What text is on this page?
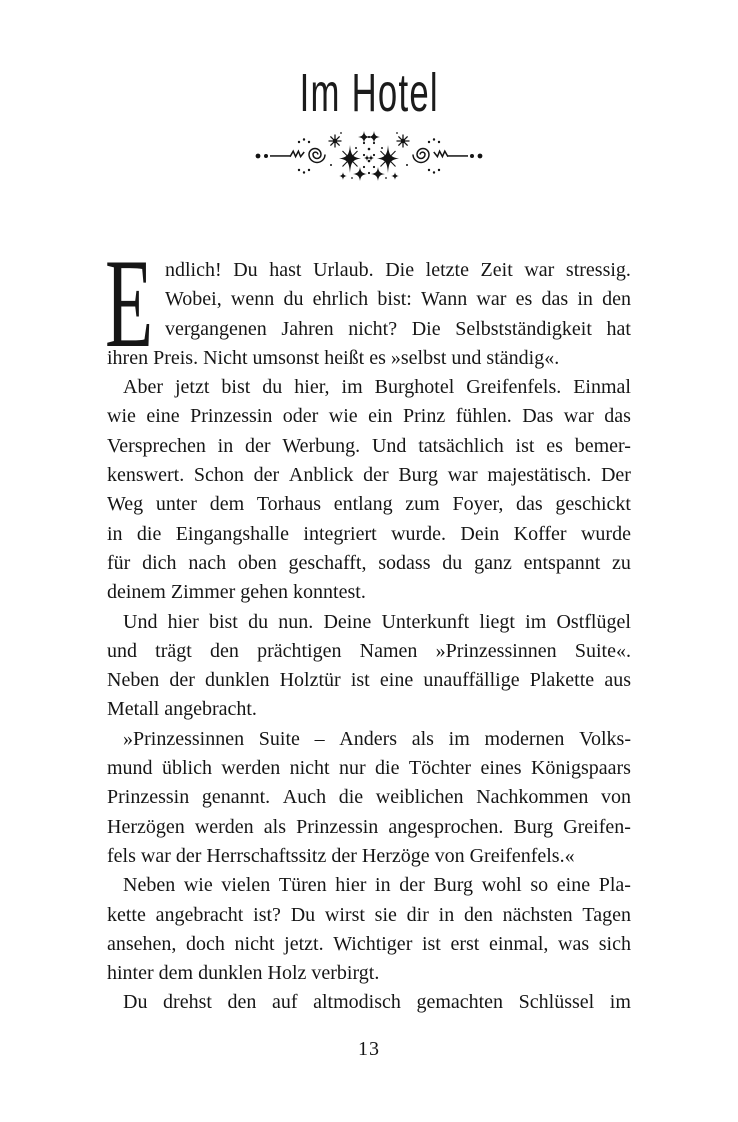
Im Hotel
E ndlich! Du hast Urlaub. Die letzte Zeit war stressig.
Wobei, wenn du ehrlich bist: Wann war es das in den
vergangenen Jahren nicht? Die Selbstständigkeit hat
ihren Preis. Nicht umsonst heißt es »selbst und ständig«.
Aber jetzt bist du hier, im Burghotel Greifenfels. Einmal
wie eine Prinzessin oder wie ein Prinz fühlen. Das war das
Versprechen in der Werbung. Und tatsächlich ist es bemer-
kenswert. Schon der Anblick der Burg war majestätisch. Der
Weg unter dem Torhaus entlang zum Foyer, das geschickt
in die Eingangshalle integriert wurde. Dein Koffer wurde
für dich nach oben geschafft, sodass du ganz entspannt zu
deinem Zimmer gehen konntest.
Und hier bist du nun. Deine Unterkunft liegt im Ostflügel
und trägt den prächtigen Namen »Prinzessinnen Suite«.
Neben der dunklen Holztür ist eine unauffällige Plakette aus
Metall angebracht.
»Prinzessinnen Suite – Anders als im modernen Volks-
mund üblich werden nicht nur die Töchter eines Königspaars
Prinzessin genannt. Auch die weiblichen Nachkommen von
Herzögen werden als Prinzessin angesprochen. Burg Greifen-
fels war der Herrschaftssitz der Herzöge von Greifenfels.«
Neben wie vielen Türen hier in der Burg wohl so eine Pla-
kette angebracht ist? Du wirst sie dir in den nächsten Tagen
ansehen, doch nicht jetzt. Wichtiger ist erst einmal, was sich
hinter dem dunklen Holz verbirgt.
Du drehst den auf altmodisch gemachten Schlüssel im
13
